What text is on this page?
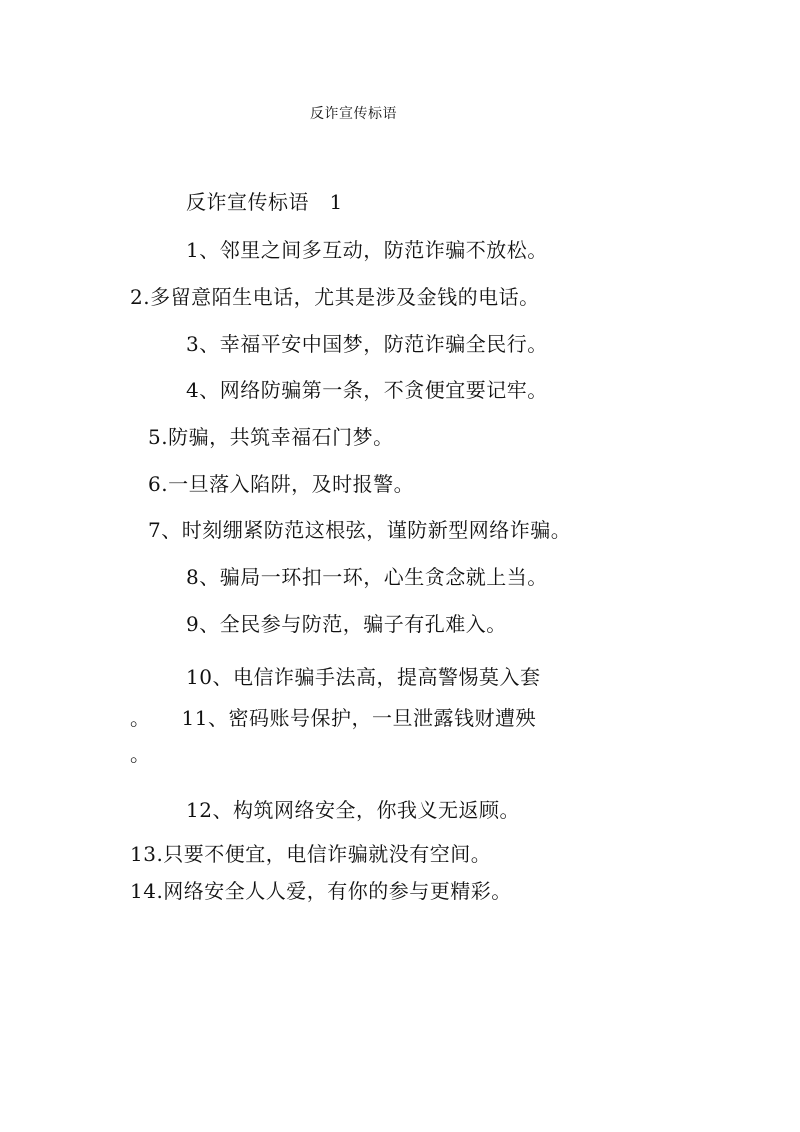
反诈宣传标语
反诈宣传标语　1
1、邻里之间多互动，防范诈骗不放松。
2.多留意陌生电话，尤其是涉及金钱的电话。
3、幸福平安中国梦，防范诈骗全民行。
4、网络防骗第一条，不贪便宜要记牢。
5.防骗，共筑幸福石门梦。
6.一旦落入陷阱，及时报警。
7、时刻绷紧防范这根弦，谨防新型网络诈骗。
8、骗局一环扣一环，心生贪念就上当。
9、全民参与防范，骗子有孔难入。
10、电信诈骗手法高，提高警惕莫入套
。　　11、密码账号保护，一旦泄露钱财遭殃
。
12、构筑网络安全，你我义无返顾。
13.只要不便宜，电信诈骗就没有空间。
14.网络安全人人爱，有你的参与更精彩。
